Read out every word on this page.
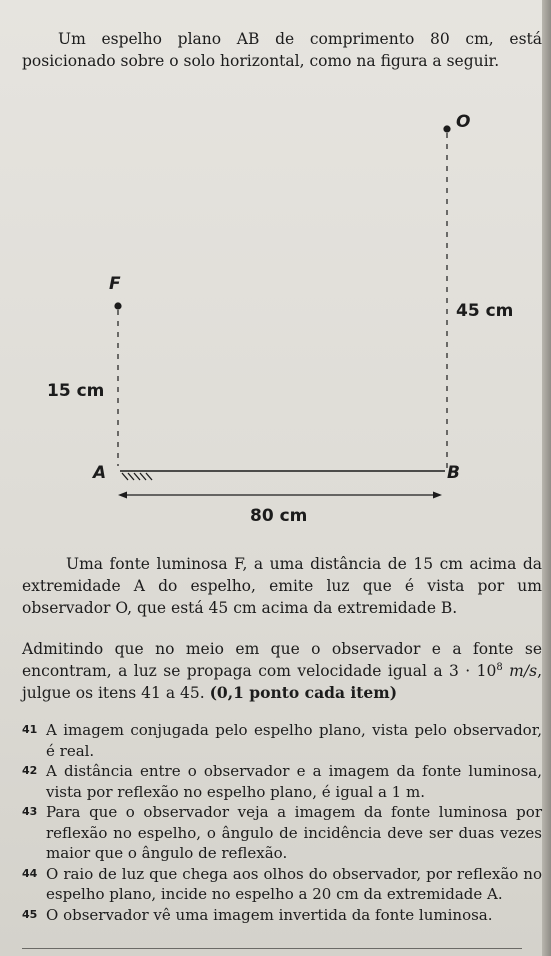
Um espelho plano AB de comprimento 80 cm, está posicionado sobre o solo horizontal, como na figura a seguir.

O
45 cm
F
15 cm
A	B
80 cm

Uma fonte luminosa F, a uma distância de 15 cm acima da extremidade A do espelho, emite luz que é vista por um observador O, que está 45 cm acima da extremidade B.

Admitindo que no meio em que o observador e a fonte se encontram, a luz se propaga com velocidade igual a $3 \cdot 10^8$ m/s, julgue os itens 41 a 45. (0,1 ponto cada item)

41 A imagem conjugada pelo espelho plano, vista pelo observador, é real.
42 A distância entre o observador e a imagem da fonte luminosa, vista por reflexão no espelho plano, é igual a 1 m.
43 Para que o observador veja a imagem da fonte luminosa por reflexão no espelho, o ângulo de incidência deve ser duas vezes maior que o ângulo de reflexão.
44 O raio de luz que chega aos olhos do observador, por reflexão no espelho plano, incide no espelho a 20 cm da extremidade A.
45 O observador vê uma imagem invertida da fonte luminosa.
